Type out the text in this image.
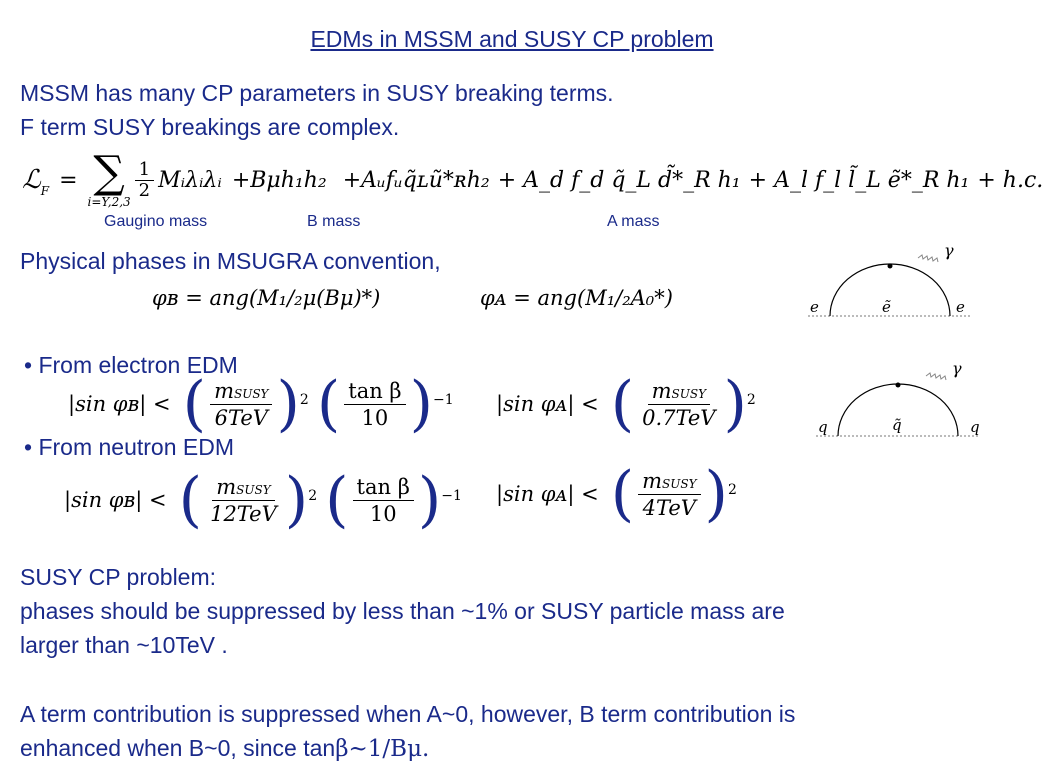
EDMs in MSSM and SUSY CP problem
MSSM has many CP parameters in SUSY breaking terms.
F term SUSY breakings are complex.
ℒF = ∑
i=Y,2,3
$\frac{1}{2}$ Mᵢλᵢλᵢ +Bμh₁h₂ +Aᵤfᵤq̃ʟũ*ʀh₂ + A_d f_d q̃_L d̃*_R h₁ + A_l f_l l̃_L ẽ*_R h₁ + h.c.
Gaugino mass	B mass	A mass
Physical phases in MSUGRA convention,
φʙ = ang(M₁/₂μ(Bμ)*)	φᴀ = ang(M₁/₂A₀*)
• From electron EDM
|sin φʙ| < ( $\frac{\text{mSUSY}}{\text{6TeV}}$ ) 2 ( $\frac{\text{tan β}}{10}$ ) −1 |sin φᴀ| < ( $\frac{\text{mSUSY}}{\text{0.7TeV}}$ ) 2
• From neutron EDM
|sin φʙ| < ( $\frac{\text{mSUSY}}{\text{12TeV}}$ ) 2 ( $\frac{\text{tan β}}{10}$ ) −1 |sin φᴀ| < ( $\frac{\text{mSUSY}}{\text{4TeV}}$ ) 2
γ
e	ẽ	e
γ
q	q̃	q
SUSY CP problem:
phases should be suppressed by less than ~1% or SUSY particle mass are
larger than ~10TeV .
A term contribution is suppressed when A~0, however, B term contribution is
enhanced when B~0, since tanβ~1/Bμ.
